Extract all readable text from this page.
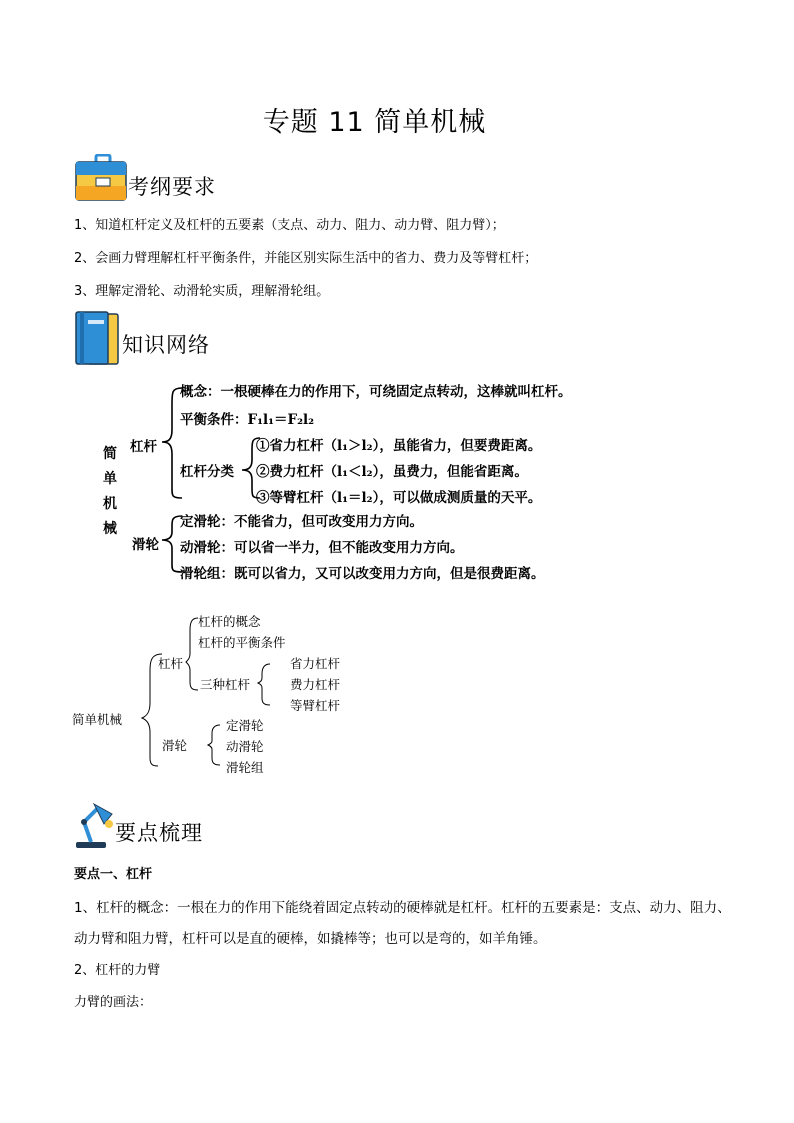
专题 11 简单机械
考纲要求
1、知道杠杆定义及杠杆的五要素（支点、动力、阻力、动力臂、阻力臂）；
2、会画力臂理解杠杆平衡条件，并能区别实际生活中的省力、费力及等臂杠杆；
3、理解定滑轮、动滑轮实质，理解滑轮组。
知识网络
简
单
机
械
杠杆
概念：一根硬棒在力的作用下，可绕固定点转动，这棒就叫杠杆。
平衡条件：F₁l₁＝F₂l₂
杠杆分类
①省力杠杆（l₁＞l₂），虽能省力，但要费距离。
②费力杠杆（l₁＜l₂），虽费力，但能省距离。
③等臂杠杆（l₁＝l₂），可以做成测质量的天平。
滑轮
定滑轮：不能省力，但可改变用力方向。
动滑轮：可以省一半力，但不能改变用力方向。
滑轮组：既可以省力，又可以改变用力方向，但是很费距离。
简单机械
杠杆
杠杆的概念
杠杆的平衡条件
三种杠杆
省力杠杆
费力杠杆
等臂杠杆
滑轮
定滑轮
动滑轮
滑轮组
要点梳理
要点一、杠杆
1、杠杆的概念：一根在力的作用下能绕着固定点转动的硬棒就是杠杆。杠杆的五要素是：支点、动力、阻力、动力臂和阻力臂，杠杆可以是直的硬棒，如撬棒等；也可以是弯的，如羊角锤。
2、杠杆的力臂
力臂的画法：
